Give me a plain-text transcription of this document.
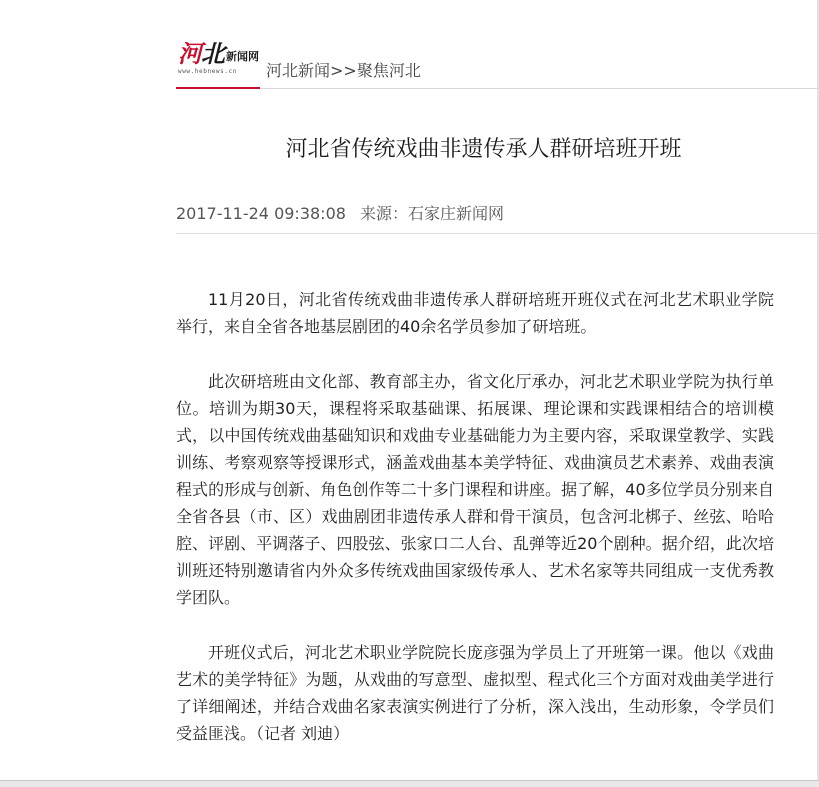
河北 新闻网
www.hebnews.cn 河北新闻>>聚焦河北
河北省传统戏曲非遗传承人群研培班开班
2017-11-24 09:38:08 来源：石家庄新闻网

11月20日，河北省传统戏曲非遗传承人群研培班开班仪式在河北艺术职业学院举行，来自全省各地基层剧团的40余名学员参加了研培班。

此次研培班由文化部、教育部主办，省文化厅承办，河北艺术职业学院为执行单位。培训为期30天，课程将采取基础课、拓展课、理论课和实践课相结合的培训模式，以中国传统戏曲基础知识和戏曲专业基础能力为主要内容，采取课堂教学、实践训练、考察观察等授课形式，涵盖戏曲基本美学特征、戏曲演员艺术素养、戏曲表演程式的形成与创新、角色创作等二十多门课程和讲座。据了解，40多位学员分别来自全省各县（市、区）戏曲剧团非遗传承人群和骨干演员，包含河北梆子、丝弦、哈哈腔、评剧、平调落子、四股弦、张家口二人台、乱弹等近20个剧种。据介绍，此次培训班还特别邀请省内外众多传统戏曲国家级传承人、艺术名家等共同组成一支优秀教学团队。

开班仪式后，河北艺术职业学院院长庞彦强为学员上了开班第一课。他以《戏曲艺术的美学特征》为题，从戏曲的写意型、虚拟型、程式化三个方面对戏曲美学进行了详细阐述，并结合戏曲名家表演实例进行了分析，深入浅出，生动形象，令学员们受益匪浅。（记者 刘迪）
